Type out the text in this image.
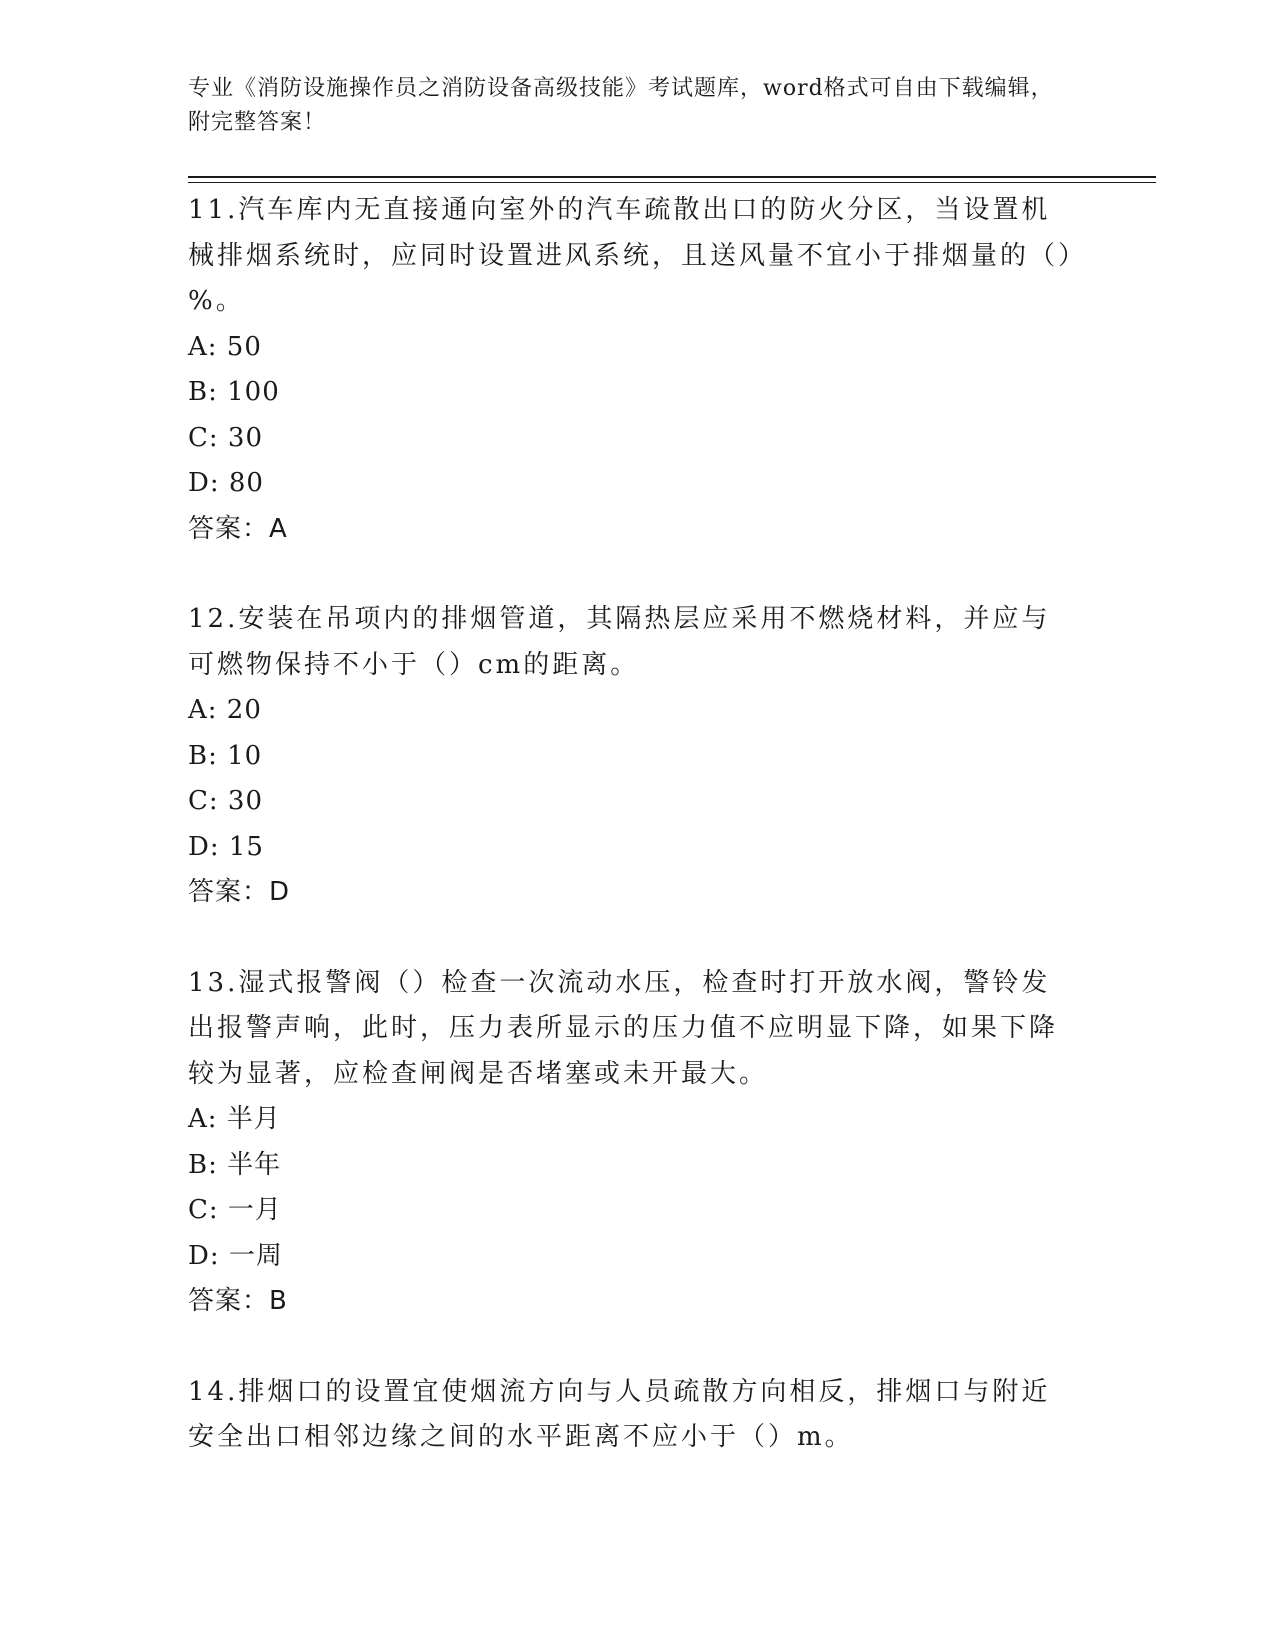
专业《消防设施操作员之消防设备高级技能》考试题库，word格式可自由下载编辑，附完整答案！
11.汽车库内无直接通向室外的汽车疏散出口的防火分区，当设置机械排烟系统时，应同时设置进风系统，且送风量不宜小于排烟量的（）%。
A: 50
B: 100
C: 30
D: 80
答案：A
12.安装在吊项内的排烟管道，其隔热层应采用不燃烧材料，并应与可燃物保持不小于（）cm的距离。
A: 20
B: 10
C: 30
D: 15
答案：D
13.湿式报警阀（）检查一次流动水压，检查时打开放水阀，警铃发出报警声响，此时，压力表所显示的压力值不应明显下降，如果下降较为显著，应检查闸阀是否堵塞或未开最大。
A: 半月
B: 半年
C: 一月
D: 一周
答案：B
14.排烟口的设置宜使烟流方向与人员疏散方向相反，排烟口与附近安全出口相邻边缘之间的水平距离不应小于（）m。
